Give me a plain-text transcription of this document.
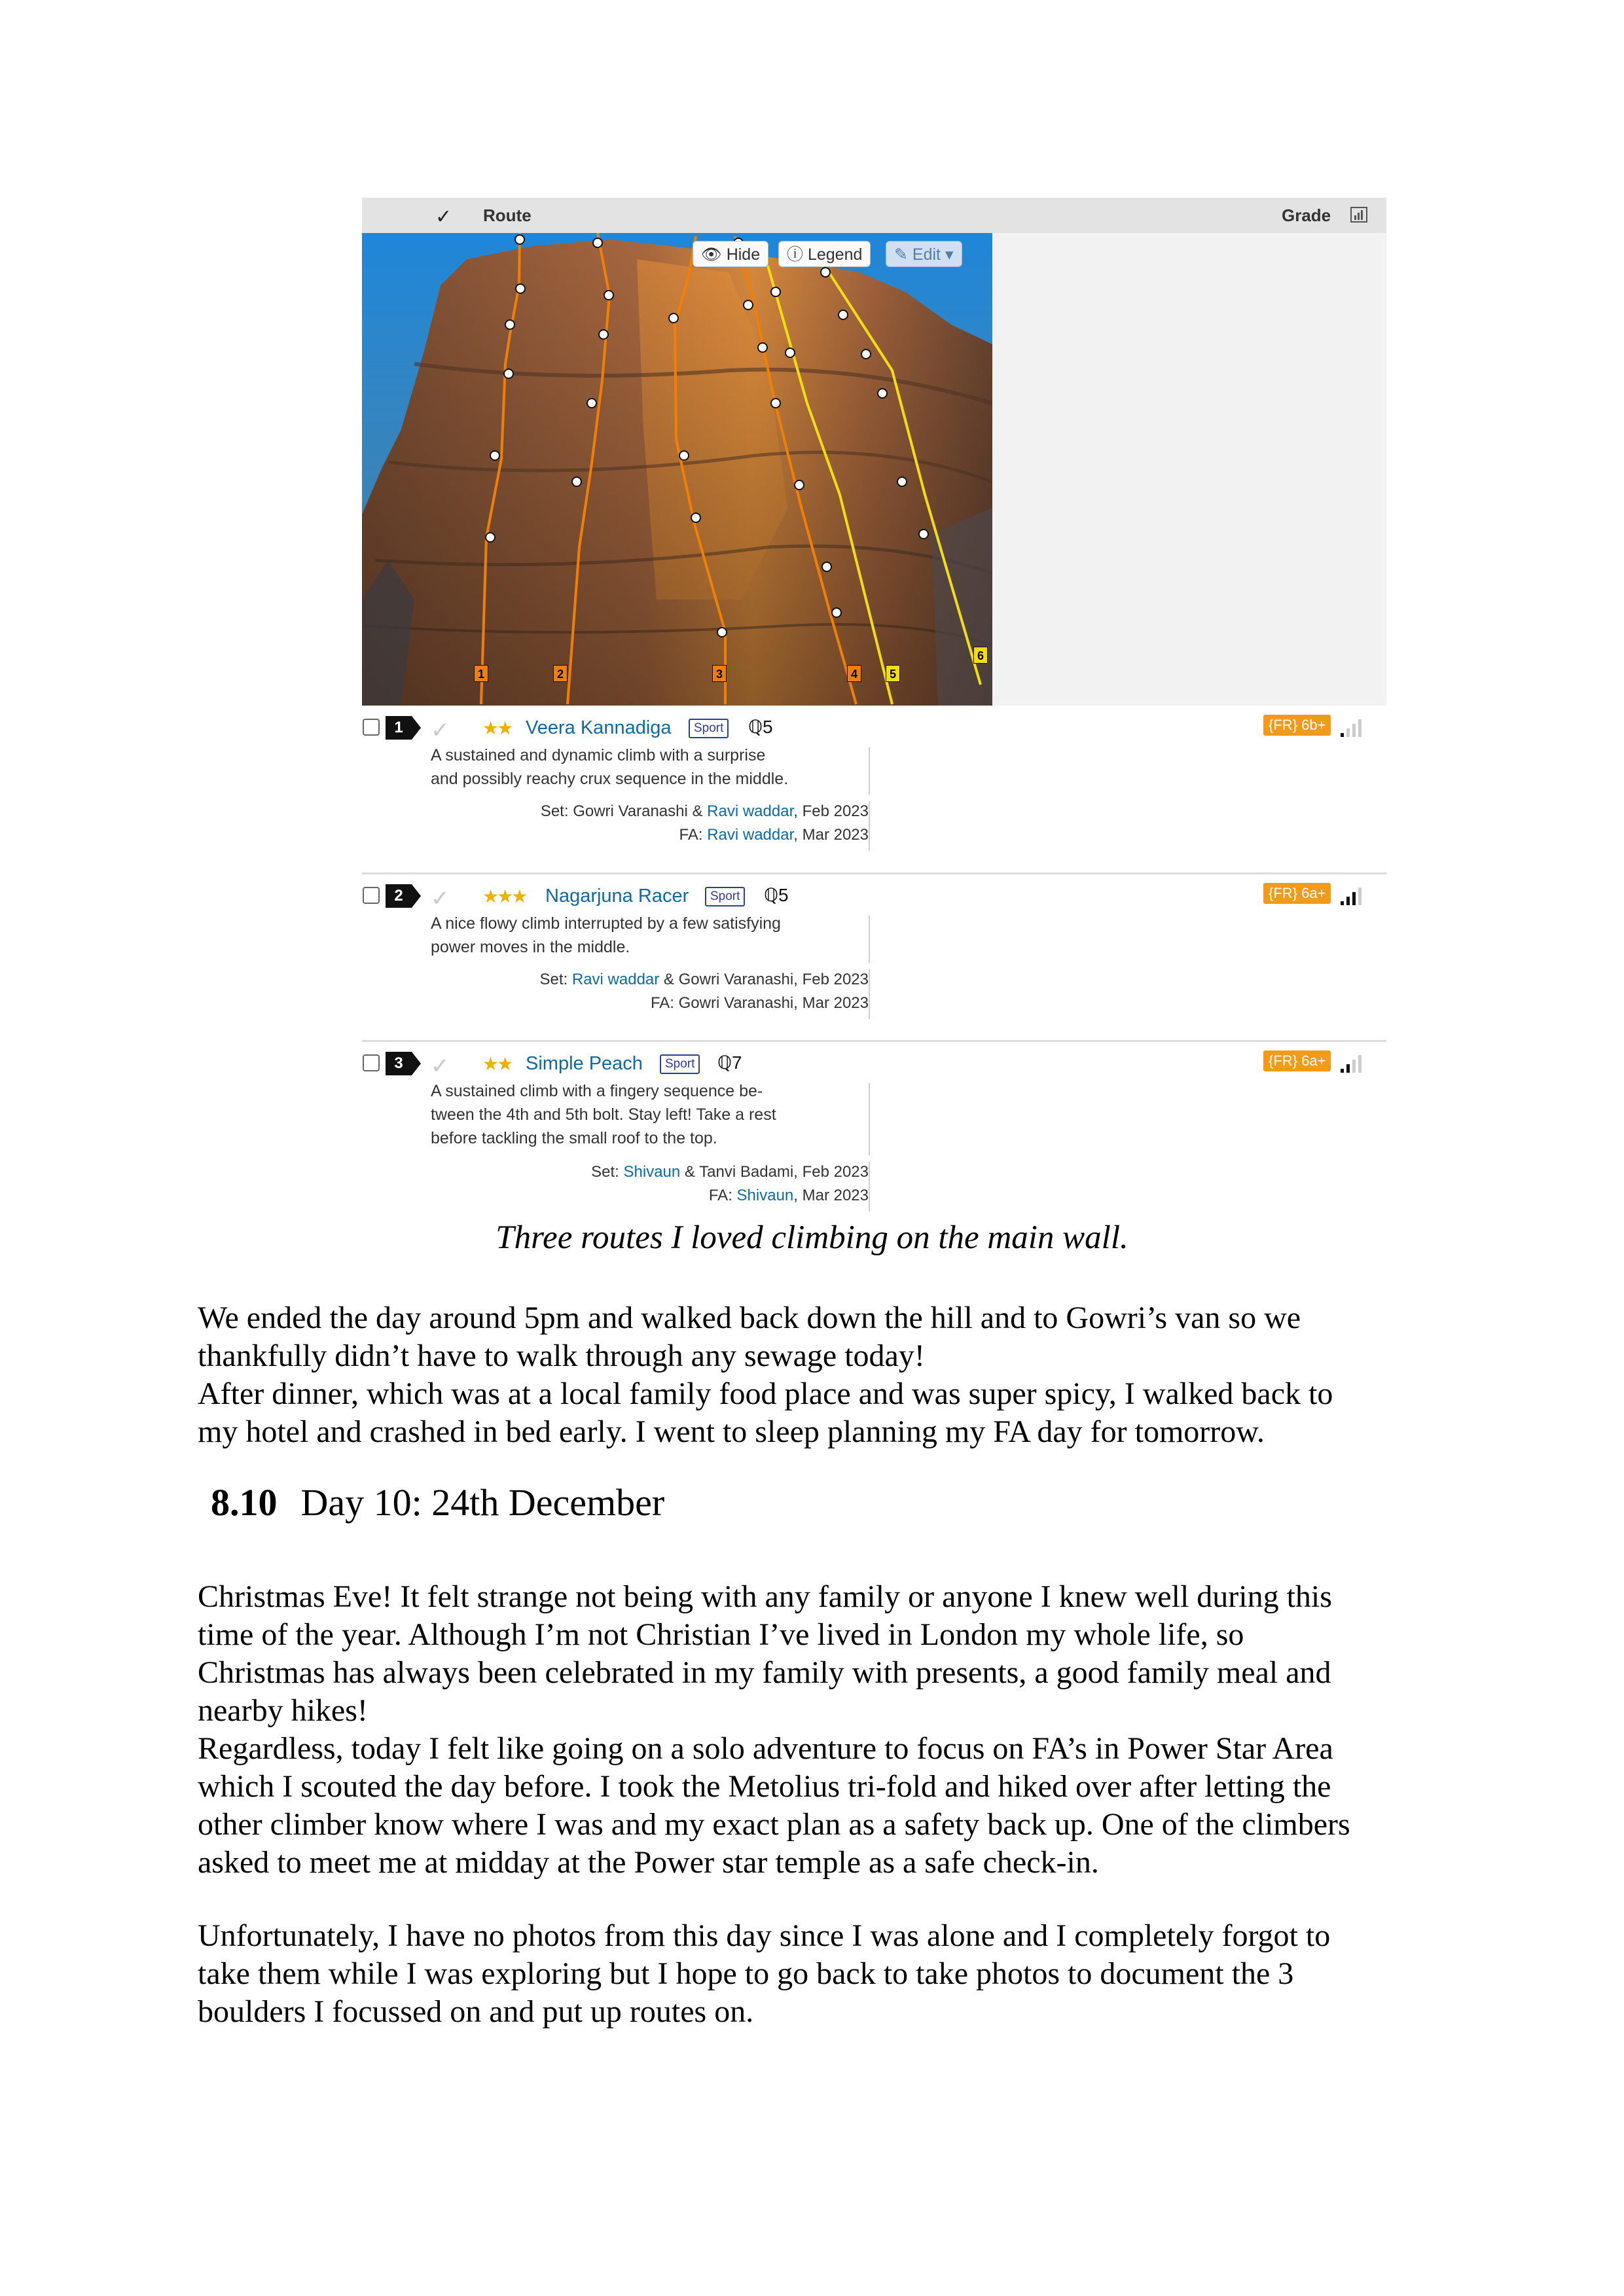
✓ Route	Grade
👁 Hide	ⓘ Legend	✎ Edit ▾
1	2	3	4	5
6
1	✓ ★★ Veera Kannadiga	Sport ℚ5
A sustained and dynamic climb with a surprise
and possibly reachy crux sequence in the middle.
Set: Gowri Varanashi & Ravi waddar, Feb 2023
FA: Ravi waddar, Mar 2023
{FR} 6b+
2	✓ ★★★ Nagarjuna Racer	Sport ℚ5
A nice flowy climb interrupted by a few satisfying
power moves in the middle.
Set: Ravi waddar & Gowri Varanashi, Feb 2023
FA: Gowri Varanashi, Mar 2023
{FR} 6a+
3	✓ ★★ Simple Peach	Sport ℚ7
A sustained climb with a fingery sequence be-
tween the 4th and 5th bolt. Stay left! Take a rest
before tackling the small roof to the top.
Set: Shivaun & Tanvi Badami, Feb 2023
FA: Shivaun, Mar 2023
{FR} 6a+
Three routes I loved climbing on the main wall.
We ended the day around 5pm and walked back down the hill and to Gowri’s van so we
thankfully didn’t have to walk through any sewage today!
After dinner, which was at a local family food place and was super spicy, I walked back to
my hotel and crashed in bed early. I went to sleep planning my FA day for tomorrow.
8.10 Day 10: 24th December
Christmas Eve! It felt strange not being with any family or anyone I knew well during this
time of the year. Although I’m not Christian I’ve lived in London my whole life, so
Christmas has always been celebrated in my family with presents, a good family meal and
nearby hikes!
Regardless, today I felt like going on a solo adventure to focus on FA’s in Power Star Area
which I scouted the day before. I took the Metolius tri-fold and hiked over after letting the
other climber know where I was and my exact plan as a safety back up. One of the climbers
asked to meet me at midday at the Power star temple as a safe check-in.
Unfortunately, I have no photos from this day since I was alone and I completely forgot to
take them while I was exploring but I hope to go back to take photos to document the 3
boulders I focussed on and put up routes on.
